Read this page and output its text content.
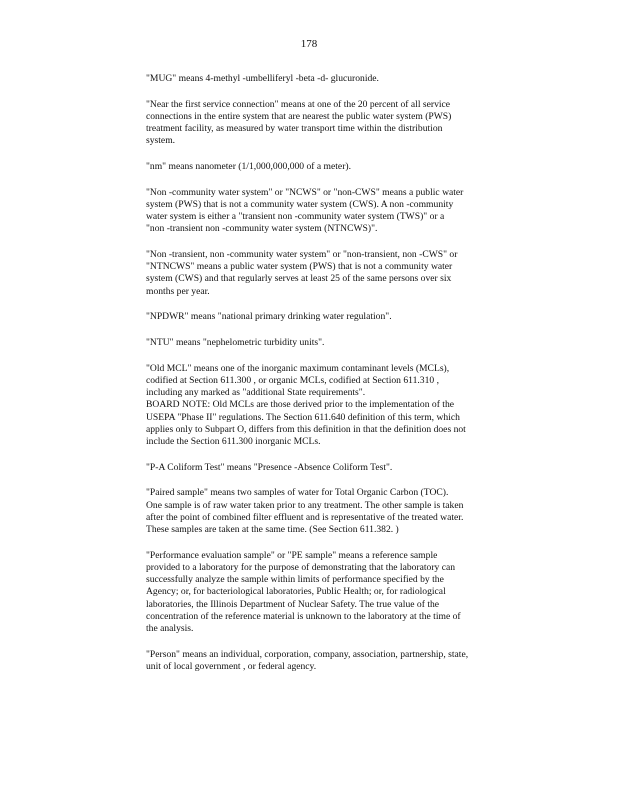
178
"MUG" means 4-methyl -umbelliferyl -beta -d- glucuronide.
"Near the first service connection" means at one of the 20 percent of all service
connections in the entire system that are nearest the public water system (PWS)
treatment facility, as measured by water transport time within the distribution
system.
"nm" means nanometer (1/1,000,000,000 of a meter).
"Non -community water system" or "NCWS" or "non-CWS" means a public water
system (PWS) that is not a community water system (CWS). A non -community
water system is either a "transient non -community water system (TWS)" or a
"non -transient non -community water system (NTNCWS)".
"Non -transient, non -community water system" or "non-transient, non -CWS" or
"NTNCWS" means a public water system (PWS) that is not a community water
system (CWS) and that regularly serves at least 25 of the same persons over six
months per year.
"NPDWR" means "national primary drinking water regulation".
"NTU" means "nephelometric turbidity units".
"Old MCL" means one of the inorganic maximum contaminant levels (MCLs),
codified at Section 611.300 , or organic MCLs, codified at Section 611.310 ,
including any marked as "additional State requirements".
BOARD NOTE: Old MCLs are those derived prior to the implementation of the
USEPA "Phase II" regulations. The Section 611.640 definition of this term, which
applies only to Subpart O, differs from this definition in that the definition does not
include the Section 611.300 inorganic MCLs.
"P-A Coliform Test" means "Presence -Absence Coliform Test".
"Paired sample" means two samples of water for Total Organic Carbon (TOC).
One sample is of raw water taken prior to any treatment. The other sample is taken
after the point of combined filter effluent and is representative of the treated water.
These samples are taken at the same time. (See Section 611.382. )
"Performance evaluation sample" or "PE sample" means a reference sample
provided to a laboratory for the purpose of demonstrating that the laboratory can
successfully analyze the sample within limits of performance specified by the
Agency; or, for bacteriological laboratories, Public Health; or, for radiological
laboratories, the Illinois Department of Nuclear Safety. The true value of the
concentration of the reference material is unknown to the laboratory at the time of
the analysis.
"Person" means an individual, corporation, company, association, partnership, state,
unit of local government , or federal agency.
